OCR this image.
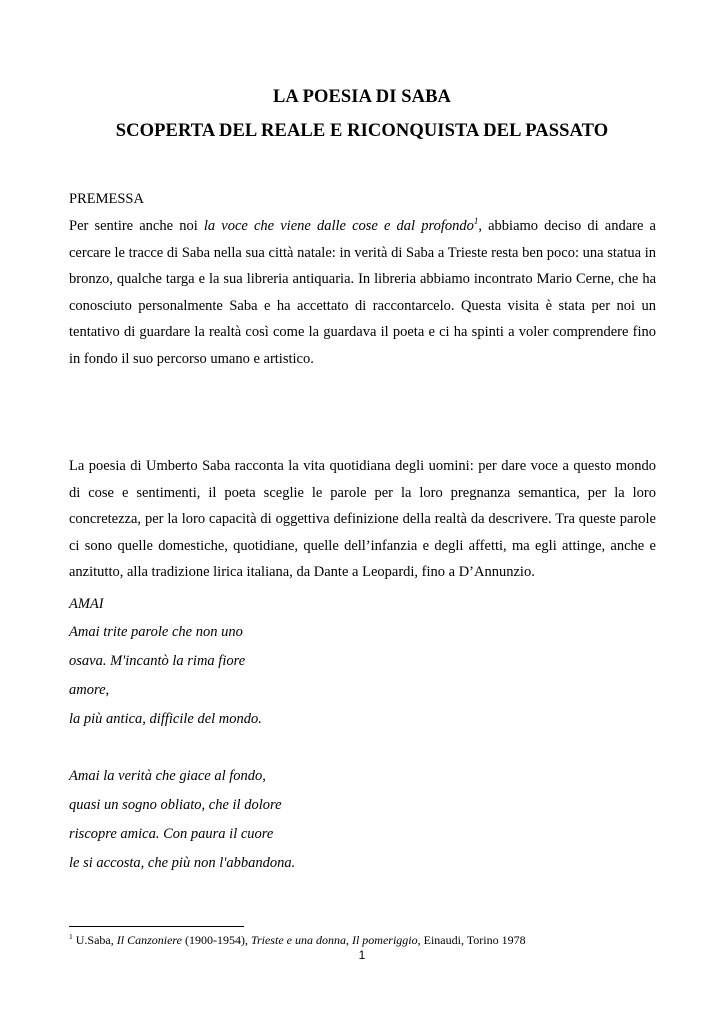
LA POESIA DI SABA
SCOPERTA DEL REALE E RICONQUISTA DEL PASSATO
PREMESSA

Per sentire anche noi la voce che viene dalle cose e dal profondo$^1$, abbiamo deciso di andare a cercare le tracce di Saba nella sua città natale: in verità di Saba a Trieste resta ben poco: una statua in bronzo, qualche targa e la sua libreria antiquaria. In libreria abbiamo incontrato Mario Cerne, che ha conosciuto personalmente Saba e ha accettato di raccontarcelo. Questa visita è stata per noi un tentativo di guardare la realtà così come la guardava il poeta e ci ha spinti a voler comprendere fino in fondo il suo percorso umano e artistico.

La poesia di Umberto Saba racconta la vita quotidiana degli uomini: per dare voce a questo mondo di cose e sentimenti, il poeta sceglie le parole per la loro pregnanza semantica, per la loro concretezza, per la loro capacità di oggettiva definizione della realtà da descrivere. Tra queste parole ci sono quelle domestiche, quotidiane, quelle dell’infanzia e degli affetti, ma egli attinge, anche e anzitutto, alla tradizione lirica italiana, da Dante a Leopardi, fino a D’Annunzio.

AMAI
Amai trite parole che non uno
osava. M'incantò la rima fiore
amore,
la più antica, difficile del mondo.
Amai la verità che giace al fondo,
quasi un sogno obliato, che il dolore
riscopre amica. Con paura il cuore
le si accosta, che più non l'abbandona.
$^1$ U.Saba, Il Canzoniere (1900-1954), Trieste e una donna, Il pomeriggio, Einaudi, Torino 1978
1
